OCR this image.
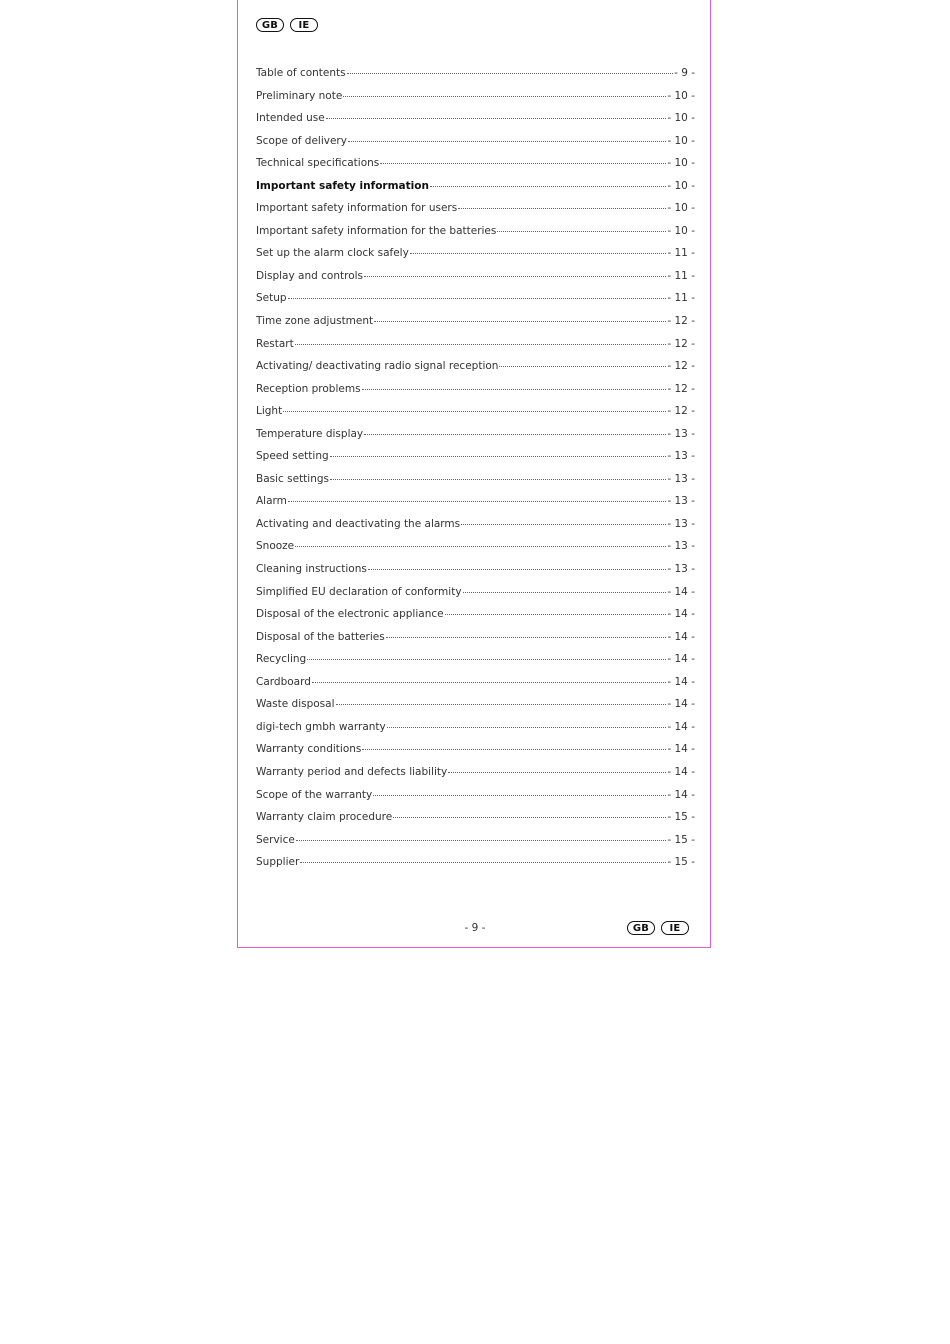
GB	IE
Table of contents	- 9 -
Preliminary note	- 10 -
Intended use	- 10 -
Scope of delivery	- 10 -
Technical specifications	- 10 -
Important safety information	- 10 -
Important safety information for users	- 10 -
Important safety information for the batteries	- 10 -
Set up the alarm clock safely	- 11 -
Display and controls	- 11 -
Setup	- 11 -
Time zone adjustment	- 12 -
Restart	- 12 -
Activating/ deactivating radio signal reception	- 12 -
Reception problems	- 12 -
Light	- 12 -
Temperature display	- 13 -
Speed setting	- 13 -
Basic settings	- 13 -
Alarm	- 13 -
Activating and deactivating the alarms	- 13 -
Snooze	- 13 -
Cleaning instructions	- 13 -
Simplified EU declaration of conformity	- 14 -
Disposal of the electronic appliance	- 14 -
Disposal of the batteries	- 14 -
Recycling	- 14 -
Cardboard	- 14 -
Waste disposal	- 14 -
digi-tech gmbh warranty	- 14 -
Warranty conditions	- 14 -
Warranty period and defects liability	- 14 -
Scope of the warranty	- 14 -
Warranty claim procedure	- 15 -
Service	- 15 -
Supplier	- 15 -
- 9 -	GB	IE
